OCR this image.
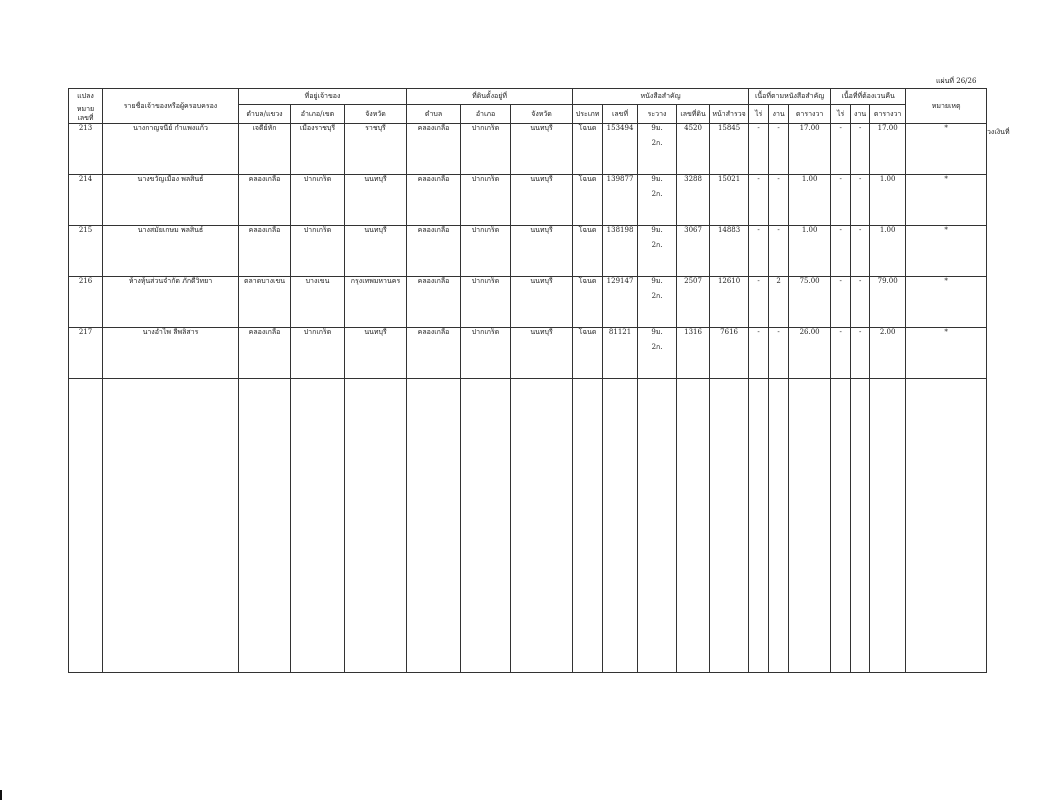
แผ่นที่ 26/26
วงเงินที่
แปลง	รายชื่อเจ้าของหรือผู้ครอบครอง	ที่อยู่เจ้าของ			ที่ดินตั้งอยู่ที่			หนังสือสำคัญ					เนื้อที่ตามหนังสือสำคัญ			เนื้อที่ที่ต้องเวนคืน			หมายเหตุ
หมาย
เลขที่		ตำบล/แขวง	อำเภอ/เขต	จังหวัด	ตำบล	อำเภอ	จังหวัด	ประเภท	เลขที่	ระวาง	เลขที่ดิน	หน้าสำรวจ	ไร่	งาน	ตารางวา	ไร่	งาน	ตารางวา	
213	นางกาญจนีย์ กำแพงแก้ว	เจดีย์หัก	เมืองราชบุรี	ราชบุรี	คลองเกลือ	ปากเกร็ด	นนทบุรี	โฉนด	153494	9ม.
2ก.	4520	15845	-	-	17.00	-	-	17.00	*
214	นางขวัญเมือง พลสินธ์	คลองเกลือ	ปากเกร็ด	นนทบุรี	คลองเกลือ	ปากเกร็ด	นนทบุรี	โฉนด	139877	9ม.
2ก.	3288	15021	-	-	1.00	-	-	1.00	*
215	นางสมัยเกษม พลสินธ์	คลองเกลือ	ปากเกร็ด	นนทบุรี	คลองเกลือ	ปากเกร็ด	นนทบุรี	โฉนด	138198	9ม.
2ก.	3067	14883	-	-	1.00	-	-	1.00	*
216	ห้างหุ้นส่วนจำกัด ภักดีวิทยา	ตลาดบางเขน	บางเขน	กรุงเทพมหานคร	คลองเกลือ	ปากเกร็ด	นนทบุรี	โฉนด	129147	9ม.
2ก.	2507	12610	-	2	75.00	-	-	79.00	*
217	นางอำไพ ลีพลิสาร	คลองเกลือ	ปากเกร็ด	นนทบุรี	คลองเกลือ	ปากเกร็ด	นนทบุรี	โฉนด	81121	9ม.
2ก.	1316	7616	-	-	26.00	-	-	2.00	*
